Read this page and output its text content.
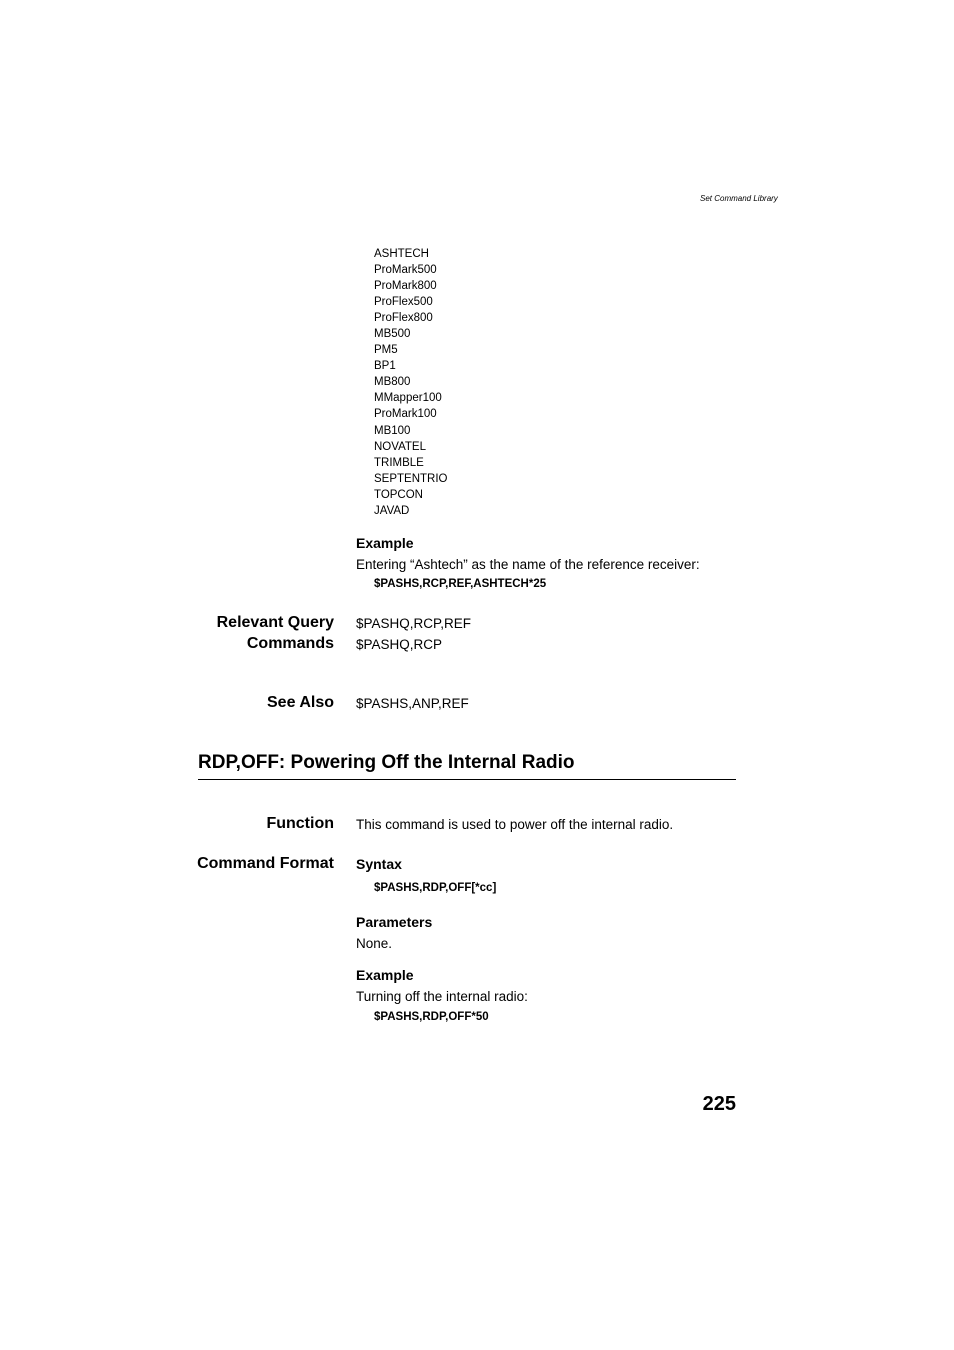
Set Command Library
ASHTECH
ProMark500
ProMark800
ProFlex500
ProFlex800
MB500
PM5
BP1
MB800
MMapper100
ProMark100
MB100
NOVATEL
TRIMBLE
SEPTENTRIO
TOPCON
JAVAD
Example
Entering “Ashtech” as the name of the reference receiver:
$PASHS,RCP,REF,ASHTECH*25
Relevant Query
Commands
$PASHQ,RCP,REF
$PASHQ,RCP
See Also $PASHS,ANP,REF
RDP,OFF: Powering Off the Internal Radio
Function This command is used to power off the internal radio.
Command Format Syntax
$PASHS,RDP,OFF[*cc]
Parameters
None.
Example
Turning off the internal radio:
$PASHS,RDP,OFF*50
225
